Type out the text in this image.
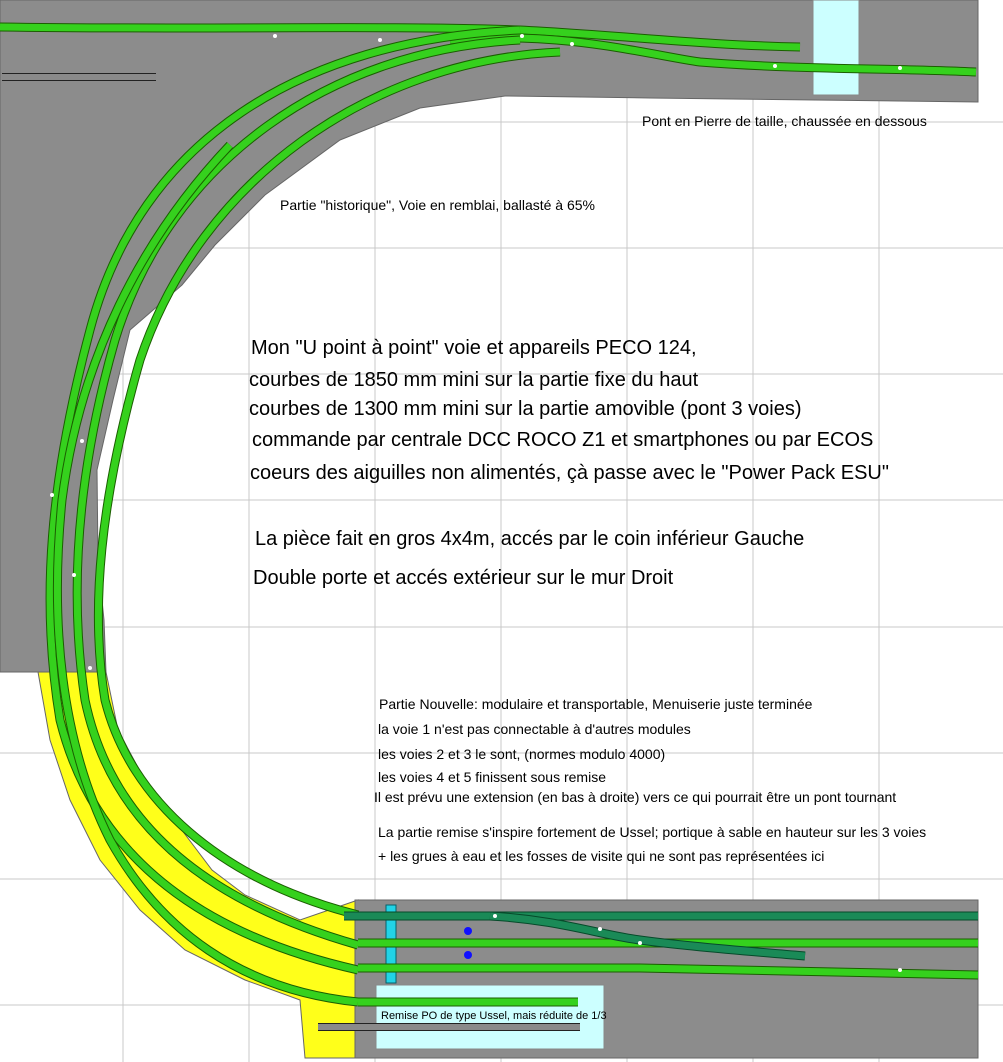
Pont en Pierre de taille, chaussée en dessous
Partie "historique", Voie en remblai, ballasté à 65%
Mon "U point à point" voie et appareils PECO 124,
courbes de 1850 mm mini sur la partie fixe du haut
courbes de 1300 mm mini sur la partie amovible (pont 3 voies)
commande par centrale DCC ROCO Z1 et smartphones ou par ECOS
coeurs des aiguilles non alimentés, çà passe avec le "Power Pack ESU"
La pièce fait en gros 4x4m, accés par le coin inférieur Gauche
Double porte et accés extérieur sur le mur Droit
Partie Nouvelle: modulaire et transportable, Menuiserie juste terminée
la voie 1 n'est pas connectable à d'autres modules
les voies 2 et 3 le sont, (normes modulo 4000)
les voies 4 et 5 finissent sous remise
Il est prévu une extension (en bas à droite) vers ce qui pourrait être un pont tournant
La partie remise s'inspire fortement de Ussel; portique à sable en hauteur sur les 3 voies
+ les grues à eau et les fosses de visite qui ne sont pas représentées ici
Remise PO de type Ussel, mais réduite de 1/3
